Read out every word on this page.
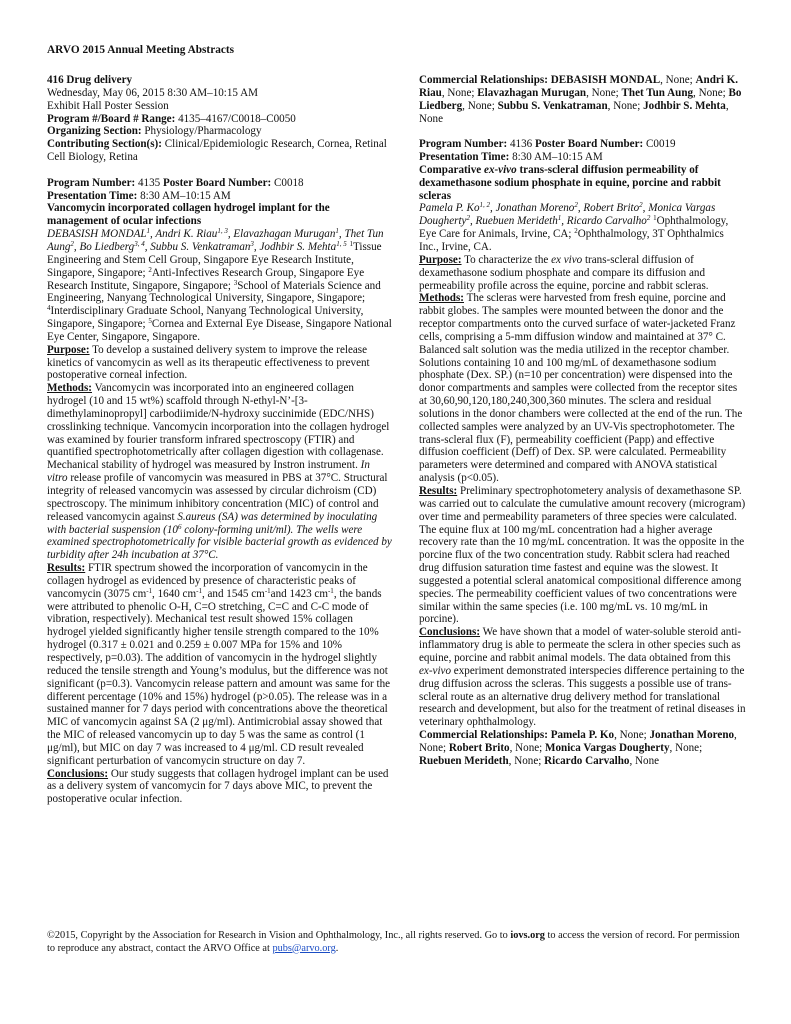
ARVO 2015 Annual Meeting Abstracts

416 Drug delivery

Wednesday, May 06, 2015 8:30 AM–10:15 AM

Exhibit Hall Poster Session

Program #/Board # Range: 4135–4167/C0018–C0050

Organizing Section: Physiology/Pharmacology

Contributing Section(s): Clinical/Epidemiologic Research, Cornea, Retinal Cell Biology, Retina

Program Number: 4135 Poster Board Number: C0018

Presentation Time: 8:30 AM–10:15 AM

Vancomycin incorporated collagen hydrogel implant for the management of ocular infections

DEBASISH MONDAL$^1$, Andri K. Riau$^{1, 3}$, Elavazhagan Murugan$^1$, Thet Tun Aung$^2$, Bo Liedberg$^{3, 4}$, Subbu S. Venkatraman$^3$, Jodhbir S. Mehta$^{1, 5}$ $^1$Tissue Engineering and Stem Cell Group, Singapore Eye Research Institute, Singapore, Singapore; $^2$Anti-Infectives Research Group, Singapore Eye Research Institute, Singapore, Singapore; $^3$School of Materials Science and Engineering, Nanyang Technological University, Singapore, Singapore; $^4$Interdisciplinary Graduate School, Nanyang Technological University, Singapore, Singapore; $^5$Cornea and External Eye Disease, Singapore National Eye Center, Singapore, Singapore.

Purpose: To develop a sustained delivery system to improve the release kinetics of vancomycin as well as its therapeutic effectiveness to prevent postoperative corneal infection.

Methods: Vancomycin was incorporated into an engineered collagen hydrogel (10 and 15 wt%) scaffold through N-ethyl-N’-[3-dimethylaminopropyl] carbodiimide/N-hydroxy succinimide (EDC/NHS) crosslinking technique. Vancomycin incorporation into the collagen hydrogel was examined by fourier transform infrared spectroscopy (FTIR) and quantified spectrophotometrically after collagen digestion with collagenase. Mechanical stability of hydrogel was measured by Instron instrument. In vitro release profile of vancomycin was measured in PBS at 37°C. Structural integrity of released vancomycin was assessed by circular dichroism (CD) spectroscopy. The minimum inhibitory concentration (MIC) of control and released vancomycin against S.aureus (SA) was determined by inoculating with bacterial suspension ($10^6$ colony-forming unit/ml). The wells were examined spectrophotometrically for visible bacterial growth as evidenced by turbidity after 24h incubation at 37°C.

Results: FTIR spectrum showed the incorporation of vancomycin in the collagen hydrogel as evidenced by presence of characteristic peaks of vancomycin (3075 $cm^{-1}$, 1640 $cm^{-1}$, and 1545 $cm^{-1}and$ 1423 $cm^{-1}$, the bands were attributed to phenolic O-H, C=O stretching, C=C and C-C mode of vibration, respectively). Mechanical test result showed 15% collagen hydrogel yielded significantly higher tensile strength compared to the 10% hydrogel (0.317 ± 0.021 and 0.259 ± 0.007 MPa for 15% and 10% respectively, p=0.03). The addition of vancomycin in the hydrogel slightly reduced the tensile strength and Young’s modulus, but the difference was not significant (p=0.3). Vancomycin release pattern and amount was same for the different percentage (10% and 15%) hydrogel (p>0.05). The release was in a sustained manner for 7 days period with concentrations above the theoretical MIC of vancomycin against SA (2 μg/ml). Antimicrobial assay showed that the MIC of released vancomycin up to day 5 was the same as control (1 μg/ml), but MIC on day 7 was increased to 4 μg/ml. CD result revealed significant perturbation of vancomycin structure on day 7.

Conclusions: Our study suggests that collagen hydrogel implant can be used as a delivery system of vancomycin for 7 days above MIC, to prevent the postoperative ocular infection.

Commercial Relationships: DEBASISH MONDAL, None; Andri K. Riau, None; Elavazhagan Murugan, None; Thet Tun Aung, None; Bo Liedberg, None; Subbu S. Venkatraman, None; Jodhbir S. Mehta, None

Program Number: 4136 Poster Board Number: C0019

Presentation Time: 8:30 AM–10:15 AM

Comparative ex-vivo trans-scleral diffusion permeability of dexamethasone sodium phosphate in equine, porcine and rabbit scleras

Pamela P. Ko$^{1, 2}$, Jonathan Moreno$^2$, Robert Brito$^2$, Monica Vargas Dougherty$^2$, Ruebuen Merideth$^1$, Ricardo Carvalho$^2$ $^1$Ophthalmology, Eye Care for Animals, Irvine, CA; $^2$Ophthalmology, 3T Ophthalmics Inc., Irvine, CA.

Purpose: To characterize the ex vivo trans-scleral diffusion of dexamethasone sodium phosphate and compare its diffusion and permeability profile across the equine, porcine and rabbit scleras.

Methods: The scleras were harvested from fresh equine, porcine and rabbit globes. The samples were mounted between the donor and the receptor compartments onto the curved surface of water-jacketed Franz cells, comprising a 5-mm diffusion window and maintained at 37° C. Balanced salt solution was the media utilized in the receptor chamber. Solutions containing 10 and 100 mg/mL of dexamethasone sodium phosphate (Dex. SP.) (n=10 per concentration) were dispensed into the donor compartments and samples were collected from the receptor sites at 30,60,90,120,180,240,300,360 minutes. The sclera and residual solutions in the donor chambers were collected at the end of the run. The collected samples were analyzed by an UV-Vis spectrophotometer. The trans-scleral flux (F), permeability coefficient (Papp) and effective diffusion coefficient (Deff) of Dex. SP. were calculated. Permeability parameters were determined and compared with ANOVA statistical analysis (p<0.05).

Results: Preliminary spectrophotometery analysis of dexamethasone SP. was carried out to calculate the cumulative amount recovery (microgram) over time and permeability parameters of three species were calculated. The equine flux at 100 mg/mL concentration had a higher average recovery rate than the 10 mg/mL concentration. It was the opposite in the porcine flux of the two concentration study. Rabbit sclera had reached drug diffusion saturation time fastest and equine was the slowest. It suggested a potential scleral anatomical compositional difference among species. The permeability coefficient values of two concentrations were similar within the same species (i.e. 100 mg/mL vs. 10 mg/mL in porcine).

Conclusions: We have shown that a model of water-soluble steroid anti-inflammatory drug is able to permeate the sclera in other species such as equine, porcine and rabbit animal models. The data obtained from this ex-vivo experiment demonstrated interspecies difference pertaining to the drug diffusion across the scleras. This suggests a possible use of trans-scleral route as an alternative drug delivery method for translational research and development, but also for the treatment of retinal diseases in veterinary ophthalmology.

Commercial Relationships: Pamela P. Ko, None; Jonathan Moreno, None; Robert Brito, None; Monica Vargas Dougherty, None; Ruebuen Merideth, None; Ricardo Carvalho, None

©2015, Copyright by the Association for Research in Vision and Ophthalmology, Inc., all rights reserved. Go to iovs.org to access the version of record. For permission to reproduce any abstract, contact the ARVO Office at pubs@arvo.org.
